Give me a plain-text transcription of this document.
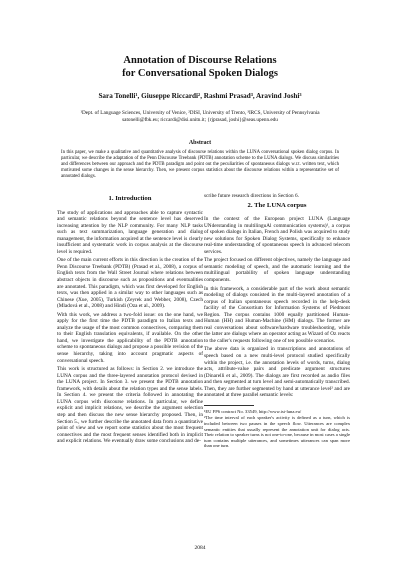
Annotation of Discourse Relations
for Conversational Spoken Dialogs
Sara Tonelli¹, Giuseppe Riccardi², Rashmi Prasad³, Aravind Joshi³
¹Dept. of Language Sciences, University of Venice, ²DISI, University of Trento, ³IRCS, University of Pennsylvania
satonelli@fbk.eu; riccardi@disi.unitn.it; {rjprasad, joshi}@seas.upenn.edu
Abstract
In this paper, we make a qualitative and quantitative analysis of discourse relations within the LUNA conversational spoken dialog corpus. In particular, we describe the adaptation of the Penn Discourse Treebank (PDTB) annotation scheme to the LUNA dialogs. We discuss similarities and differences between our approach and the PDTB paradigm and point out the peculiarities of spontaneous dialogs w.r.t. written text, which motivated some changes in the sense hierarchy. Then, we present corpus statistics about the discourse relations within a representative set of annotated dialogs.
1. Introduction

The study of applications and approaches able to capture syntactic and semantic relations beyond the sentence level has deserved increasing attention by the NLP community. For many NLP tasks such as text summarization, language generation and dialog management, the information acquired at the sentence level is clearly insufficient and systematic work in corpus analysis at the discourse level is required.

One of the main current efforts in this direction is the creation of the Penn Discourse Treebank (PDTB) (Prasad et al., 2008), a corpus of English texts from the Wall Street Journal where relations between abstract objects in discourse such as propositions and eventualities are annotated. This paradigm, which was first developed for English texts, was then applied in a similar way to other languages such as Chinese (Xue, 2005), Turkish (Zeyrek and Webber, 2008), Czech (Mladová et al., 2008) and Hindi (Oza et al., 2009).

With this work, we address a two-fold issue: on the one hand, we apply for the first time the PDTB paradigm to Italian texts and analyze the usage of the most common connectives, comparing them to their English translation equivalents, if available. On the other hand, we investigate the applicability of the PDTB annotation scheme to spontaneous dialogs and propose a possible revision of the sense hierarchy, taking into account pragmatic aspects of conversational speech.

This work is structured as follows: in Section 2. we introduce the LUNA corpus and the three-layered annotation protocol devised in the LUNA project. In Section 3. we present the PDTB annotation framework, with details about the relation types and the sense labels. In Section 4. we present the criteria followed in annotating the LUNA corpus with discourse relations. In particular, we define explicit and implicit relations, we describe the argument selection step and then discuss the new sense hierarchy proposed. Then, in Section 5., we further describe the annotated data from a quantitative point of view and we report some statistics about the most frequent connectives and the most frequent senses identified both in implicit and explicit relations. We eventually draw some conclusions and de-

scribe future research directions in Section 6.

2. The LUNA corpus

In the context of the European project LUNA (Language UNderstanding in multilinguAl communication systems)¹, a corpus of spoken dialogs in Italian, French and Polish was acquired to study new solutions for Spoken Dialog Systems, specifically to enhance real-time understanding of spontaneous speech in advanced telecom services.

The project focused on different objectives, namely the language and semantic modeling of speech, and the automatic learning and the multilingual portability of spoken language understanding components.

In this framework, a considerable part of the work about semantic modeling of dialogs consisted in the multi-layered annotation of a corpus of Italian spontaneous speech recorded in the help-desk facility of the Consortium for Information Systems of Piedmont Region. The corpus contains 1000 equally partitioned Human-Human (HH) and Human-Machine (HM) dialogs. The former are real conversations about software/hardware troubleshooting, while the latter are dialogs where an operator acting as Wizard of Oz reacts to the caller's requests following one of ten possible scenarios.

The above data is organized in transcriptions and annotations of speech based on a new multi-level protocol studied specifically within the project, i.e. the annotation levels of words, turns, dialog acts, attribute-value pairs and predicate argument structures (Dinarelli et al., 2009). The dialogs are first recorded as audio files and then segmented at turn level and semi-automatically transcribed. Then, they are further segmented by hand at utterance level² and are annotated at three parallel semantic levels:

¹EU FP6 contract No. 33549, http://www.ist-luna.eu/

²The time interval of each speaker's activity is defined as a turn, which is included between two pauses in the speech flow. Utterances are complex semantic entities that usually represent the annotation unit for dialog acts. Their relation to speaker turns is not one-to-one, because in most cases a single turn contains multiple utterances, and sometimes utterances can span more than one turn.

2084
